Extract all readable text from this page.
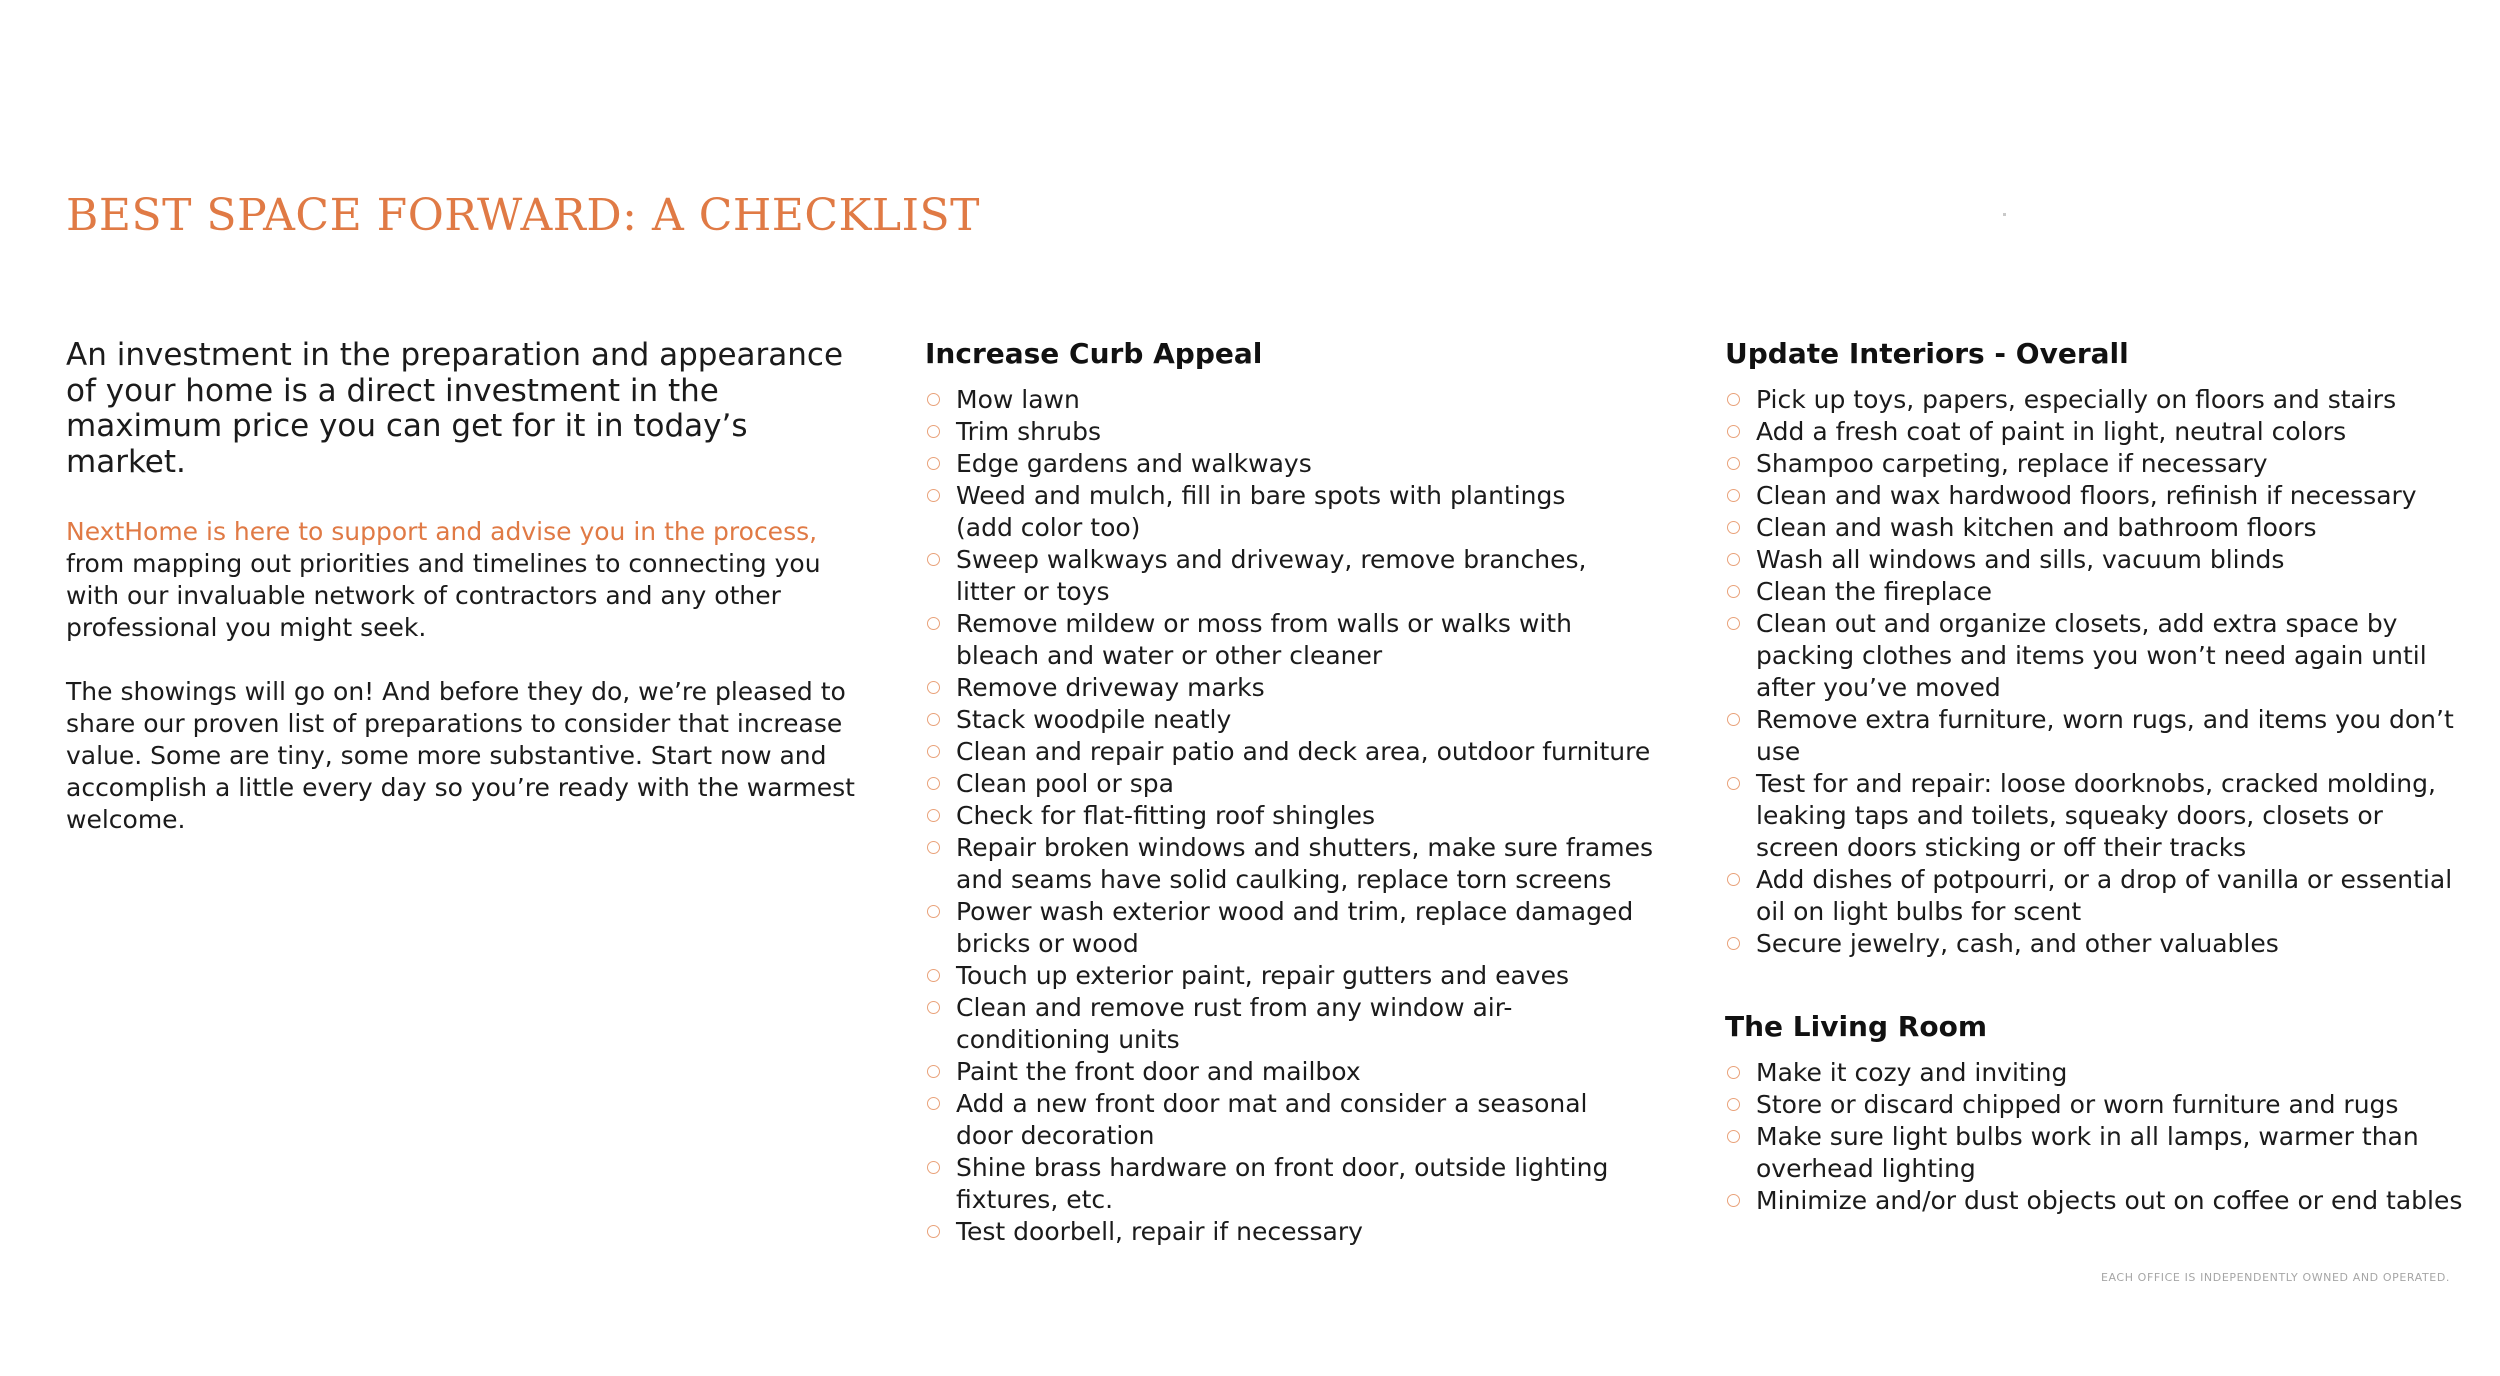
BEST SPACE FORWARD: A CHECKLIST

An investment in the preparation and appearance of your home is a direct investment in the maximum price you can get for it in today’s market.

NextHome is here to support and advise you in the process, from mapping out priorities and timelines to connecting you with our invaluable network of contractors and any other professional you might seek.

The showings will go on! And before they do, we’re pleased to share our proven list of preparations to consider that increase value. Some are tiny, some more substantive. Start now and accomplish a little every day so you’re ready with the warmest welcome.

Increase Curb Appeal
Mow lawn
Trim shrubs
Edge gardens and walkways
Weed and mulch, fill in bare spots with plantings
(add color too)
Sweep walkways and driveway, remove branches,
litter or toys
Remove mildew or moss from walls or walks with
bleach and water or other cleaner
Remove driveway marks
Stack woodpile neatly
Clean and repair patio and deck area, outdoor furniture
Clean pool or spa
Check for flat-fitting roof shingles
Repair broken windows and shutters, make sure frames
and seams have solid caulking, replace torn screens
Power wash exterior wood and trim, replace damaged
bricks or wood
Touch up exterior paint, repair gutters and eaves
Clean and remove rust from any window air-
conditioning units
Paint the front door and mailbox
Add a new front door mat and consider a seasonal
door decoration
Shine brass hardware on front door, outside lighting
fixtures, etc.
Test doorbell, repair if necessary
Update Interiors - Overall
Pick up toys, papers, especially on floors and stairs
Add a fresh coat of paint in light, neutral colors
Shampoo carpeting, replace if necessary
Clean and wax hardwood floors, refinish if necessary
Clean and wash kitchen and bathroom floors
Wash all windows and sills, vacuum blinds
Clean the fireplace
Clean out and organize closets, add extra space by
packing clothes and items you won’t need again until
after you’ve moved
Remove extra furniture, worn rugs, and items you don’t use
Test for and repair: loose doorknobs, cracked molding,
leaking taps and toilets, squeaky doors, closets or
screen doors sticking or off their tracks
Add dishes of potpourri, or a drop of vanilla or essential
oil on light bulbs for scent
Secure jewelry, cash, and other valuables
The Living Room
Make it cozy and inviting
Store or discard chipped or worn furniture and rugs
Make sure light bulbs work in all lamps, warmer than
overhead lighting
Minimize and/or dust objects out on coffee or end tables
EACH OFFICE IS INDEPENDENTLY OWNED AND OPERATED.
